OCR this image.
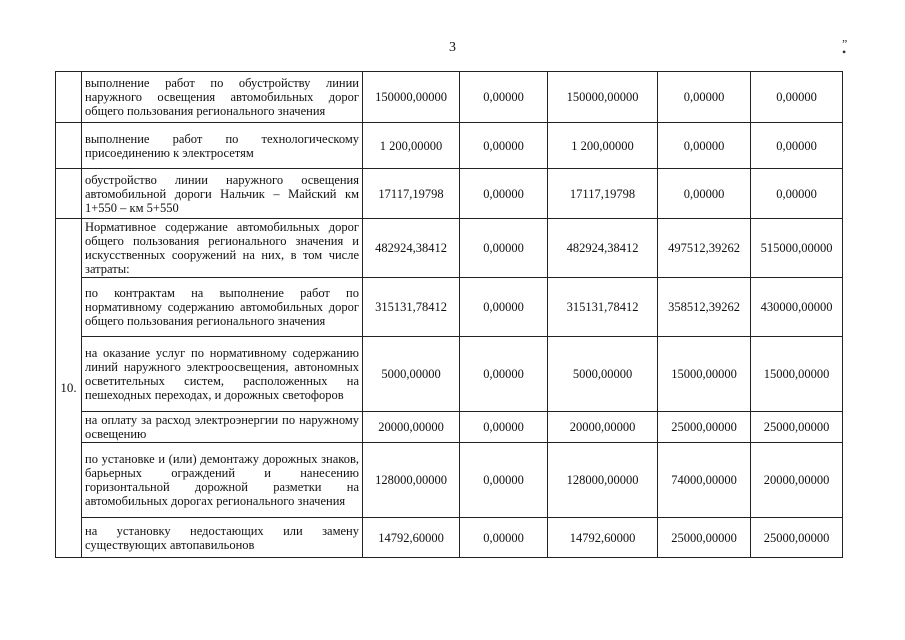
3
„ •
	выполнение работ по обустройству линии наружного освещения автомобильных дорог общего пользования регионального значения	150000,00000	0,00000	150000,00000	0,00000	0,00000
	выполнение работ по технологическому присоединению к электросетям	1 200,00000	0,00000	1 200,00000	0,00000	0,00000
	обустройство линии наружного освещения автомобильной дороги Нальчик – Майский км 1+550 – км 5+550	17117,19798	0,00000	17117,19798	0,00000	0,00000
10.	Нормативное содержание автомобильных дорог общего пользования регионального значения и искусственных сооружений на них, в том числе затраты:	482924,38412	0,00000	482924,38412	497512,39262	515000,00000
	по контрактам на выполнение работ по нормативному содержанию автомобильных дорог общего пользования регионального значения	315131,78412	0,00000	315131,78412	358512,39262	430000,00000
	на оказание услуг по нормативному содержанию линий наружного электроосвещения, автономных осветительных систем, расположенных на пешеходных переходах, и дорожных светофоров	5000,00000	0,00000	5000,00000	15000,00000	15000,00000
	на оплату за расход электроэнергии по наружному освещению	20000,00000	0,00000	20000,00000	25000,00000	25000,00000
	по установке и (или) демонтажу дорожных знаков, барьерных ограждений и нанесению горизонтальной дорожной разметки на автомобильных дорогах регионального значения	128000,00000	0,00000	128000,00000	74000,00000	20000,00000
	на установку недостающих или замену существующих автопавильонов	14792,60000	0,00000	14792,60000	25000,00000	25000,00000
